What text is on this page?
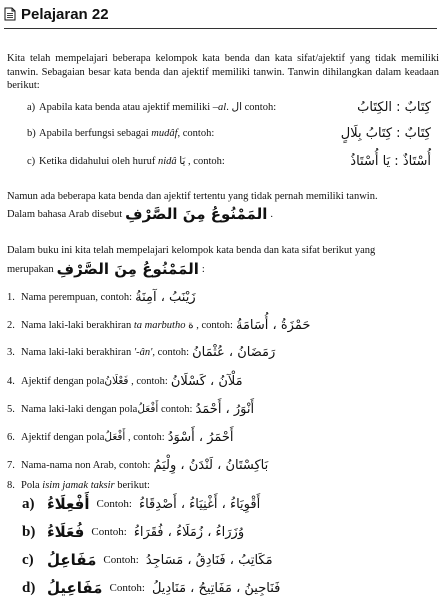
Pelajaran 22
Kita telah mempelajari beberapa kelompok kata benda dan kata sifat/ajektif yang tidak memiliki tanwin. Sebagaian besar kata benda dan ajektif memiliki tanwin. Tanwin dihilangkan dalam keadaan berikut:
a) Apabila kata benda atau ajektif memiliki –al . ال contoh:	كِتَابٌ : الكِتَابُ
b) Apabila berfungsi sebagai mudâf , contoh:	كِتَابٌ : كِتَابُ بِلَالٍ
c) Ketika didahului oleh huruf nidâ يَا , contoh:	أُسْتَاذٌ : يَا أُسْتَاذُ
Namun ada beberapa kata benda dan ajektif tertentu yang tidak pernah memiliki tanwin.
Dalam bahasa Arab disebut المَمْنُوعُ مِنَ الصَّرْفِ .
Dalam buku ini kita telah mempelajari kelompok kata benda dan kata sifat berikut yang
merupakan المَمْنُوعُ مِنَ الصَّرْفِ :
1. Nama perempuan, contoh: زَيْنَبُ ، آمِنَةُ
2. Nama laki-laki berakhiran ta marbutho ة , contoh: حَمْزَةُ ، أُسَامَةُ
3. Nama laki-laki berakhiran '-ân' , contoh: رَمَضَانُ ، عُثْمَانُ
4. Ajektif dengan pola فَعْلَانُ , contoh: مَلْآنُ ، كَسْلَانُ
5. Nama laki-laki dengan pola أَفْعَلُ contoh: أَنْوَرُ ، أَحْمَدُ
6. Ajektif dengan pola أَفْعَلُ , contoh: أَحْمَرُ ، أَسْوَدُ
7. Nama-nama non Arab, contoh: بَاكِسْتَانُ ، لَنْدَنُ ، وِلْيَمُ
8. Pola isim jamak taksir berikut:
a) أَفْعِلَاءُ Contoh: أَقْوِيَاءُ ، أَغْنِيَاءُ ، أَصْدِقَاءُ
b) فُعَلَاءُ Contoh: وُزَرَاءُ ، زُمَلَاءُ ، فُقَرَاءُ
c) مَفَاعِلُ Contoh: مَكَاتِبُ ، فَنَادِقُ ، مَسَاجِدُ
d) مَفَاعِيلُ Contoh: فَنَاجِينُ ، مَفَاتِيحُ ، مَنَادِيلُ
